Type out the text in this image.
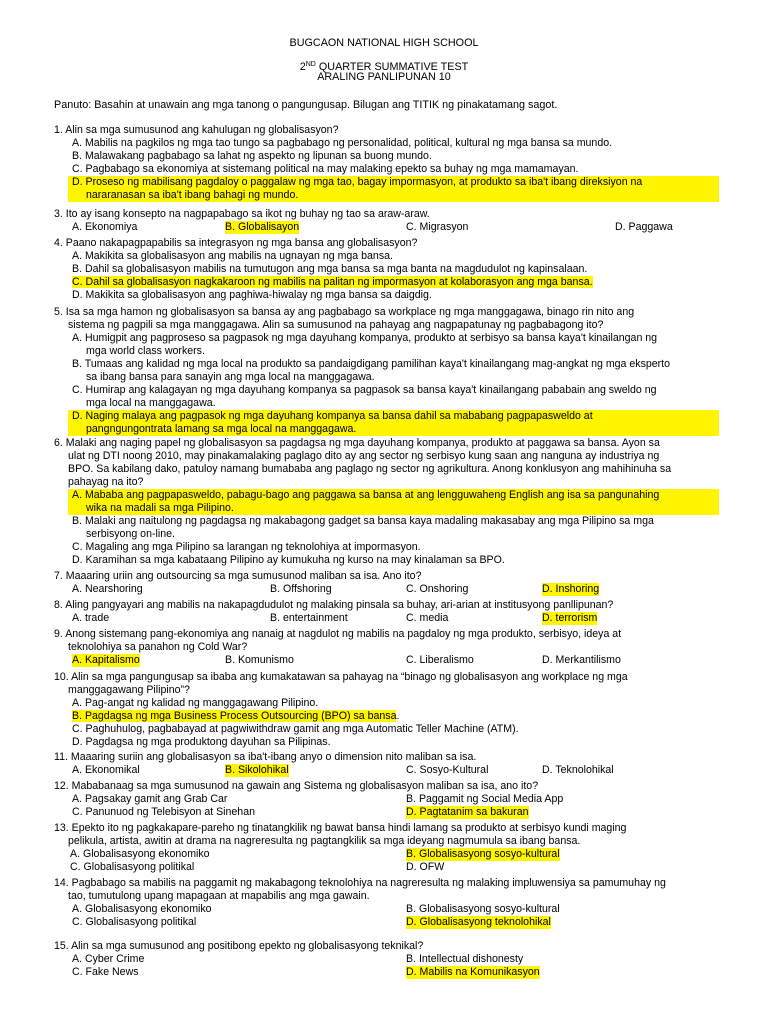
BUGCAON NATIONAL HIGH SCHOOL
2ND QUARTER SUMMATIVE TEST
ARALING PANLIPUNAN 10
Panuto: Basahin at unawain ang mga tanong o pangungusap. Bilugan ang TITIK ng pinakatamang sagot.
1. Alin sa mga sumusunod ang kahulugan ng globalisasyon?
A. Mabilis na pagkilos ng mga tao tungo sa pagbabago ng personalidad, political, kultural ng mga bansa sa mundo.
B. Malawakang pagbabago sa lahat ng aspekto ng lipunan sa buong mundo.
C. Pagbabago sa ekonomiya at sistemang political na may malaking epekto sa buhay ng mga mamamayan.
D. Proseso ng mabilisang pagdaloy o paggalaw ng mga tao, bagay impormasyon, at produkto sa iba't ibang direksiyon na
nararanasan sa iba't ibang bahagi ng mundo.
3. Ito ay isang konsepto na nagpapabago sa ikot ng buhay ng tao sa araw-araw.
A. Ekonomiya	B. Globalisayon	C. Migrasyon	D. Paggawa
4. Paano nakapagpapabilis sa integrasyon ng mga bansa ang globalisasyon?
A. Makikita sa globalisasyon ang mabilis na ugnayan ng mga bansa.
B. Dahil sa globalisasyon mabilis na tumutugon ang mga bansa sa mga banta na magdudulot ng kapinsalaan.
C. Dahil sa globalisasyon nagkakaroon ng mabilis na palitan ng impormasyon at kolaborasyon ang mga bansa.
D. Makikita sa globalisasyon ang paghiwa-hiwalay ng mga bansa sa daigdig.
5. Isa sa mga hamon ng globalisasyon sa bansa ay ang pagbabago sa workplace ng mga manggagawa, binago rin nito ang
sistema ng pagpili sa mga manggagawa. Alin sa sumusunod na pahayag ang nagpapatunay ng pagbabagong ito?
A. Humigpit ang pagproseso sa pagpasok ng mga dayuhang kompanya, produkto at serbisyo sa bansa kaya't kinailangan ng
mga world class workers.
B. Tumaas ang kalidad ng mga local na produkto sa pandaigdigang pamilihan kaya't kinailangang mag-angkat ng mga eksperto
sa ibang bansa para sanayin ang mga local na manggagawa.
C. Humirap ang kalagayan ng mga dayuhang kompanya sa pagpasok sa bansa kaya't kinailangang pababain ang sweldo ng
mga local na manggagawa.
D. Naging malaya ang pagpasok ng mga dayuhang kompanya sa bansa dahil sa mababang pagpapasweldo at
pangngungontrata lamang sa mga local na manggagawa.
6. Malaki ang naging papel ng globalisasyon sa pagdagsa ng mga dayuhang kompanya, produkto at paggawa sa bansa. Ayon sa
ulat ng DTI noong 2010, may pinakamalaking paglago dito ay ang sector ng serbisyo kung saan ang nanguna ay industriya ng
BPO. Sa kabilang dako, patuloy namang bumababa ang paglago ng sector ng agrikultura. Anong konklusyon ang mahihinuha sa
pahayag na ito?
A. Mababa ang pagpapasweldo, pabagu-bago ang paggawa sa bansa at ang lengguwaheng English ang isa sa pangunahing
wika na madali sa mga Pilipino.
B. Malaki ang naitulong ng pagdagsa ng makabagong gadget sa bansa kaya madaling makasabay ang mga Pilipino sa mga
serbisyong on-line.
C. Magaling ang mga Pilipino sa larangan ng teknolohiya at impormasyon.
D. Karamihan sa mga kabataang Pilipino ay kumukuha ng kurso na may kinalaman sa BPO.
7. Maaaring uriin ang outsourcing sa mga sumusunod maliban sa isa. Ano ito?
A. Nearshoring	B. Offshoring	C. Onshoring	D. Inshoring
8. Aling pangyayari ang mabilis na nakapagdudulot ng malaking pinsala sa buhay, ari-arian at institusyong panllipunan?
A. trade	B. entertainment	C. media	D. terrorism
9. Anong sistemang pang-ekonomiya ang nanaig at nagdulot ng mabilis na pagdaloy ng mga produkto, serbisyo, ideya at
teknolohiya sa panahon ng Cold War?
A. Kapitalismo	B. Komunismo	C. Liberalismo	D. Merkantilismo
10. Alin sa mga pangungusap sa ibaba ang kumakatawan sa pahayag na “binago ng globalisasyon ang workplace ng mga
manggagawang Pilipino”?
A. Pag-angat ng kalidad ng manggagawang Pilipino.
B. Pagdagsa ng mga Business Process Outsourcing (BPO) sa bansa.
C. Paghuhulog, pagbabayad at pagwiwithdraw gamit ang mga Automatic Teller Machine (ATM).
D. Pagdagsa ng mga produktong dayuhan sa Pilipinas.
11. Maaaring suriin ang globalisasyon sa iba't-ibang anyo o dimension nito maliban sa isa.
A. Ekonomikal	B. Sikolohikal	C. Sosyo-Kultural	D. Teknolohikal
12. Mababanaag sa mga sumusunod na gawain ang Sistema ng globalisasyon maliban sa isa, ano ito?
A. Pagsakay gamit ang Grab Car	B. Paggamit ng Social Media App
C. Panunuod ng Telebisyon at Sinehan	D. Pagtatanim sa bakuran
13. Epekto ito ng pagkakapare-pareho ng tinatangkilik ng bawat bansa hindi lamang sa produkto at serbisyo kundi maging
pelikula, artista, awitin at drama na nagreresulta ng pagtangkilik sa mga ideyang nagmumula sa ibang bansa.
A. Globalisasyong ekonomiko	B. Globalisasyong sosyo-kultural
C. Globalisasyong politikal	D. OFW
14. Pagbabago sa mabilis na paggamit ng makabagong teknolohiya na nagreresulta ng malaking impluwensiya sa pamumuhay ng
tao, tumutulong upang mapagaan at mapabilis ang mga gawain.
A. Globalisasyong ekonomiko	B. Globalisasyong sosyo-kultural
C. Globalisasyong politikal	D. Globalisasyong teknolohikal
15. Alin sa mga sumusunod ang positibong epekto ng globalisasyong teknikal?
A. Cyber Crime	B. Intellectual dishonesty
C. Fake News	D. Mabilis na Komunikasyon
